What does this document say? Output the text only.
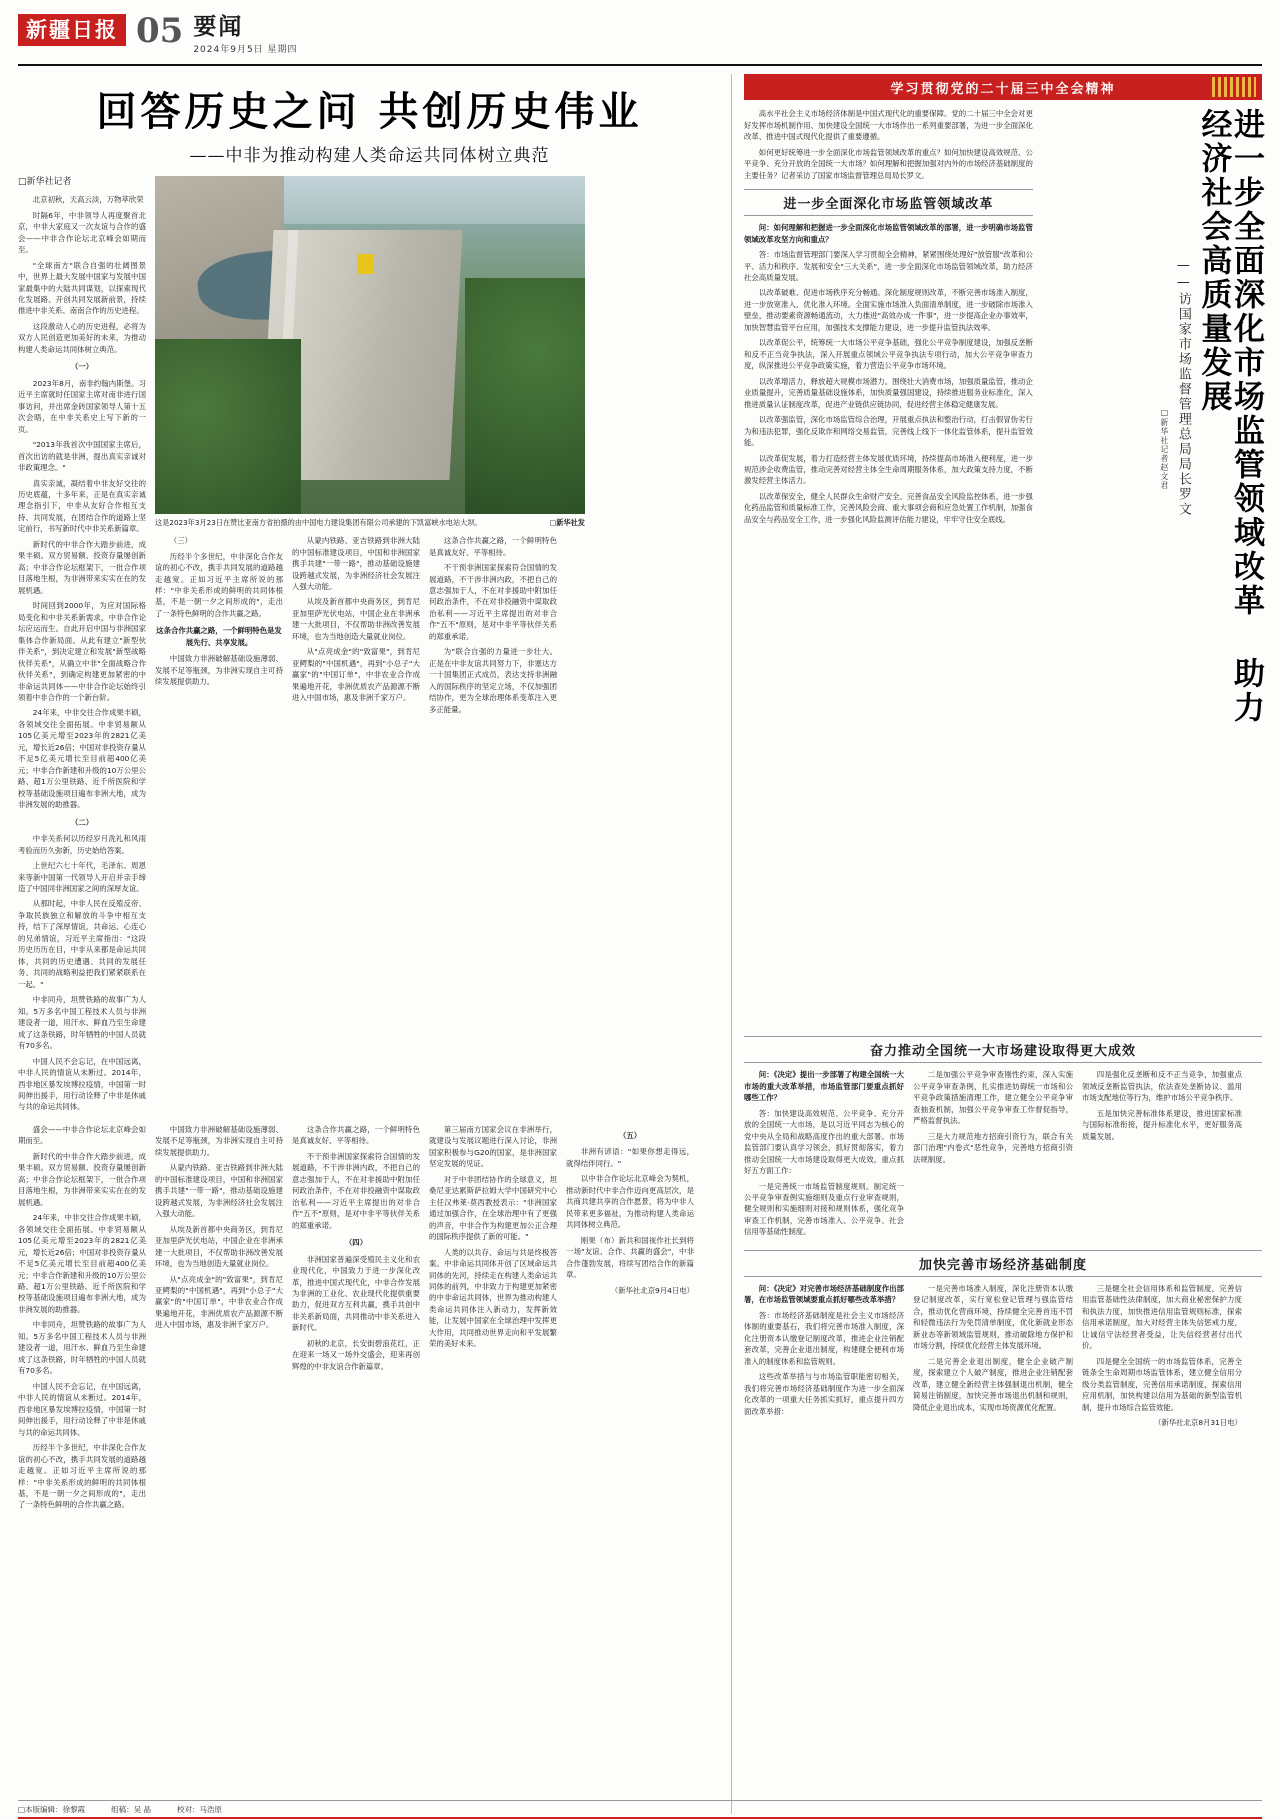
新疆日报 05 要闻
2024年9月5日 星期四
回答历史之问 共创历史伟业
——中非为推动构建人类命运共同体树立典范

□新华社记者

北京初秋，天高云淡，万物萃欣荣

时隔6年，中非领导人再度聚首北京，中非大家庭又一次友谊与合作的盛会——中非合作论坛北京峰会如期而至。

"全球南方"联合自强的壮阔图景中，世界上最大发展中国家与发展中国家最集中的大陆共同谋划，以探索现代化发展路、开创共同发展新前景，持续推进中非关系、南南合作的历史进程。

这段激动人心的历史进程，必将为双方人民创造更加美好的未来，为推动构建人类命运共同体树立典范。

（一）

2023年8月，南非约翰内斯堡。习近平主席就时任国家主席对南非进行国事访问，并出席金砖国家领导人第十五次会晤，在中非关系史上写下新的一页。

"2013年我首次中国国家主席后，首次出访的就是非洲，提出真实亲诚对非政策理念。"

真实亲诚，凝结着中非友好交往的历史底蕴，十多年来，正是在真实亲诚理念指引下，中非从友好合作相互支持、共同发展，在团结合作的道路上坚定前行，书写新时代中非关系新篇章。

新时代的中非合作大踏步前进，成果丰硕。双方贸易额、投资存量屡创新高；中非合作论坛框架下，一批合作项目落地生根，为非洲带来实实在在的发展机遇。

时间回到2000年，为应对国际格局变化和中非关系新需求，中非合作论坛应运而生。自此开启中国与非洲国家集体合作新局面。从此有建立"新型伙伴关系"，到决定建立和发展"新型战略伙伴关系"，从确立中非"全面战略合作伙伴关系"，到确定构建更加紧密的中非命运共同体——中非合作论坛始终引领着中非合作的一个新台阶。

24年来，中非交往合作成果丰硕，各领域交往全面拓展。中非贸易额从105亿美元增至2023年的2821亿美元，增长近26倍；中国对非投资存量从不足5亿美元增长至目前超400亿美元；中非合作新建和升级的10万公里公路、超1万公里铁路、近千所医院和学校等基础设施项目遍布非洲大地，成为非洲发展的助推器。

（二）

中非关系何以历经岁月洗礼和风雨考验而历久弥新，历史始给答案。

上世纪六七十年代，毛泽东、周恩来等新中国第一代领导人开启并亲手缔造了中国同非洲国家之间的深厚友谊。

从那时起，中非人民在反殖反帝、争取民族独立和解放的斗争中相互支持，结下了深厚情谊，共命运、心连心的兄弟情谊，习近平主席指出："这段历史历历在目，中非从来都是命运共同体，共同的历史遭遇、共同的发展任务、共同的战略利益把我们紧紧联系在一起。"

中非同舟，坦赞铁路的故事广为人知。5万多名中国工程技术人员与非洲建设者一道，用汗水、鲜血乃至生命建成了这条铁路，时年牺牲的中国人员就有70多名。

中国人民不会忘记，在中国远离，中非人民的情谊从未断过。2014年，西非地区暴发埃博拉疫情，中国第一时间伸出援手，用行动诠释了中非是休戚与共的命运共同体。

□新华社发
这是2023年3月23日在赞比亚南方省拍摄的由中国电力建设集团有限公司承建的下凯富峡水电站大坝。

（三）

历经半个多世纪，中非深化合作友谊的初心不改，携手共同发展的道路越走越宽。正如习近平主席所说的那样："中非关系形成的鲜明的共同体根基，不是一朝一夕之间形成的"，走出了一条特色鲜明的合作共赢之路。

这条合作共赢之路，一个鲜明特色是发展先行、共享发展。

中国致力非洲破解基础设施薄弱、发展不足等瓶颈，为非洲实现自主可持续发展提供助力。

从蒙内铁路、亚吉铁路到非洲大陆的中国标准建设项目，中国和非洲国家携手共建"一带一路"，推动基础设施建设跨越式发展，为非洲经济社会发展注入强大动能。

从埃及新首都中央商务区，到肯尼亚加里萨光伏电站，中国企业在非洲承建一大批项目，不仅帮助非洲改善发展环境，也为当地创造大量就业岗位。

从"点亮成金"的"致富果"，到肯尼亚鳄梨的"中国机遇"，再到"小总子"大赢家"的"中国订单"，中非农业合作成果遍地开花，非洲优质农产品源源不断进入中国市场，惠及非洲千家万户。

这条合作共赢之路，一个鲜明特色是真诚友好、平等相待。

不干预非洲国家探索符合国情的发展道路，不干涉非洲内政，不把自己的意志强加于人，不在对非援助中附加任何政治条件，不在对非投融资中谋取政治私利——习近平主席提出的对非合作"五不"原则，是对中非平等伙伴关系的郑重承诺。

为"联合自强的力量进一步壮大。正是在中非友谊共同努力下，非塞达方一十国集团正式成员，表达支持非洲融入的国际秩序的坚定立场，不仅加强团结协作，更为全球治理体系变革注入更多正能量。

盛会——中非合作论坛北京峰会如期而至。

新时代的中非合作大踏步前进，成果丰硕。双方贸易额、投资存量屡创新高；中非合作论坛框架下，一批合作项目落地生根，为非洲带来实实在在的发展机遇。

24年来，中非交往合作成果丰硕，各领域交往全面拓展。中非贸易额从105亿美元增至2023年的2821亿美元，增长近26倍；中国对非投资存量从不足5亿美元增长至目前超400亿美元；中非合作新建和升级的10万公里公路、超1万公里铁路、近千所医院和学校等基础设施项目遍布非洲大地，成为非洲发展的助推器。

中非同舟，坦赞铁路的故事广为人知。5万多名中国工程技术人员与非洲建设者一道，用汗水、鲜血乃至生命建成了这条铁路，时年牺牲的中国人员就有70多名。

中国人民不会忘记，在中国远离，中非人民的情谊从未断过。2014年，西非地区暴发埃博拉疫情，中国第一时间伸出援手，用行动诠释了中非是休戚与共的命运共同体。

历经半个多世纪，中非深化合作友谊的初心不改，携手共同发展的道路越走越宽。正如习近平主席所说的那样："中非关系形成的鲜明的共同体根基，不是一朝一夕之间形成的"，走出了一条特色鲜明的合作共赢之路。

中国致力非洲破解基础设施薄弱、发展不足等瓶颈，为非洲实现自主可持续发展提供助力。

从蒙内铁路、亚吉铁路到非洲大陆的中国标准建设项目，中国和非洲国家携手共建"一带一路"，推动基础设施建设跨越式发展，为非洲经济社会发展注入强大动能。

从埃及新首都中央商务区，到肯尼亚加里萨光伏电站，中国企业在非洲承建一大批项目，不仅帮助非洲改善发展环境，也为当地创造大量就业岗位。

从"点亮成金"的"致富果"，到肯尼亚鳄梨的"中国机遇"，再到"小总子"大赢家"的"中国订单"，中非农业合作成果遍地开花，非洲优质农产品源源不断进入中国市场，惠及非洲千家万户。

这条合作共赢之路，一个鲜明特色是真诚友好、平等相待。

不干预非洲国家探索符合国情的发展道路，不干涉非洲内政，不把自己的意志强加于人，不在对非援助中附加任何政治条件，不在对非投融资中谋取政治私利——习近平主席提出的对非合作"五不"原则，是对中非平等伙伴关系的郑重承诺。

（四）

非洲国家普遍深受殖民主义化和农业现代化，中国致力于进一步深化改革，推进中国式现代化，中非合作发展为非洲的工业化、农业现代化提供重要助力，促进双方互利共赢，携手共创中非关系新局面，共同推动中非关系进入新时代。

初秋的北京，长安街碧浪花红，正在迎来一场又一场外交盛会，迎来再创辉煌的中非友谊合作新篇章。

第三届南方国家会议在非洲举行，就建设与发展议题进行深入讨论，非洲国家积极参与G20的国家，是非洲国家坚定发展的见证。

对于中非团结协作的全球意义，坦桑尼亚达累斯萨拉姆大学中国研究中心主任汉弗莱·莫西教授表示："非洲国家通过加强合作，在全球治理中有了更强的声音，中非合作为构建更加公正合理的国际秩序提供了新的可能。"

人类的以共存、命运与共是终极答案。中非命运共同体开创了区域命运共同体的先河，持续走在构建人类命运共同体的前列，中非致力于构建更加紧密的中非命运共同体，世界为推动构建人类命运共同体注入新动力，发挥新效能，让发展中国家在全球治理中发挥更大作用，共同推动世界走向和平发展繁荣的美好未来。

（五）

非洲有谚语："如果你想走得远，就得结伴同行。"

以中非合作论坛北京峰会为契机，推动新时代中非合作迈向更高层次，是共商共建共享的合作愿景，将为中非人民带来更多福祉，为推动构建人类命运共同体树立典范。

刚果（布）新共和国视作社长到将一场"友谊、合作、共赢的盛会"，中非合作蓬勃发展，将续写团结合作的新篇章。

（新华社北京9月4日电）

学习贯彻党的二十届三中全会精神

高水平社会主义市场经济体制是中国式现代化的重要保障。党的二十届三中全会对更好发挥市场机制作用、加快建设全国统一大市场作出一系列重要部署，为进一步全面深化改革、推进中国式现代化提供了重要遵循。

如何更好统筹进一步全面深化市场监管领域改革的重点？如何加快建设高效规范、公平竞争、充分开放的全国统一大市场？如何理解和把握加强对内外的市场经济基础制度的主要任务？记者采访了国家市场监督管理总局局长罗文。

进一步全面深化市场监管领域改革

问：如何理解和把握进一步全面深化市场监管领域改革的部署，进一步明确市场监管领域改革攻坚方向和重点？

答：市场监督管理部门要深入学习贯彻全会精神，紧紧围绕处理好"放管服"改革和公平、活力和秩序、发展和安全"三大关系"，进一步全面深化市场监管领域改革，助力经济社会高质量发展。

以改革破难、促进市场秩序充分畅通。深化制度规则改革，不断完善市场准入制度，进一步放宽准入、优化准入环境。全面实施市场准入负面清单制度，进一步破除市场准入壁垒，推动要素资源畅通流动，大力推进"高效办成一件事"，进一步提高企业办事效率，加快智慧监管平台应用，加强技术支撑能力建设，进一步提升监管执法效率。

以改革促公平，统筹统一大市场公平竞争基础，强化公平竞争制度建设，加强反垄断和反不正当竞争执法，深入开展重点领域公平竞争执法专项行动，加大公平竞争审查力度，纵深推进公平竞争政策实施，着力营造公平竞争市场环境。

以改革增活力，释放超大规模市场潜力。围绕壮大消费市场，加强质量监管，推动企业质量提升，完善质量基础设施体系，加快质量强国建设，持续推进服务业标准化，深入推进质量认证制度改革，促进产业链供应链协同，促进经营主体稳定健康发展。

以改革强监管，深化市场监管综合治理，开展重点执法和整治行动，打击假冒伪劣行为和违法犯罪，强化反欺诈和网络交易监管，完善线上线下一体化监管体系，提升监管效能。

以改革促发展，着力打造经营主体发展优质环境，持续提高市场准入便利度，进一步规范涉企收费监管，推动完善对经营主体全生命周期服务体系，加大政策支持力度，不断激发经营主体活力。

以改革保安全，健全人民群众生命财产安全、完善食品安全风险监控体系，进一步强化药品监管和质量标准工作，完善风险会商、重大事项会商和应急处置工作机制，加强食品安全与药品安全工作，进一步强化风险监测评估能力建设，牢牢守住安全底线。	进一步全面深化市场监管领域改革 助力经济社会高质量发展
——访国家市场监督管理总局局长罗文
□新华社记者赵文君
奋力推动全国统一大市场建设取得更大成效

问：《决定》提出一步部署了构建全国统一大市场的重大改革举措，市场监管部门要重点抓好哪些工作？

答：加快建设高效规范、公平竞争、充分开放的全国统一大市场，是以习近平同志为核心的党中央从全局和战略高度作出的重大部署。市场监管部门要认真学习领会，抓好贯彻落实，着力推动全国统一大市场建设取得更大成效，重点抓好五方面工作：

一是完善统一市场监管制度规则。制定统一公平竞争审查例实施细则及重点行业审查规则，健全规则和实施细则对接和规则体系，强化竞争审查工作机制，完善市场准入、公平竞争、社会信用等基础性制度。

二是加强公平竞争审查刚性约束，深入实施公平竞争审查条例，扎实推进妨碍统一市场和公平竞争政策措施清理工作，建立健全公平竞争审查抽查机制，加强公平竞争审查工作督促指导，严格监督执法。

三是大力规范地方招商引资行为，联合有关部门治理"内卷式"恶性竞争，完善地方招商引资法规制度。

四是强化反垄断和反不正当竞争，加强重点领域反垄断监管执法，依法查处垄断协议、滥用市场支配地位等行为，维护市场公平竞争秩序。

五是加快完善标准体系建设，推进国家标准与国际标准衔接，提升标准化水平，更好服务高质量发展。

加快完善市场经济基础制度

问：《决定》对完善市场经济基础制度作出部署，在市场监管领域要重点抓好哪些改革举措？

答：市场经济基础制度是社会主义市场经济体制的重要基石，我们将完善市场准入制度，深化注册资本认缴登记制度改革，推进企业注销配套改革，完善企业退出制度，构建健全便利市场准入的制度体系和监管规则。

这些改革举措与与市场监管职能密切相关，我们将完善市场经济基础制度作为进一步全面深化改革的一项重大任务抓实抓好，重点提升四方面改革举措：

一是完善市场准入制度，深化注册资本认缴登记制度改革，实行宽松登记管理与强监管结合，推动优化营商环境，持续健全完善首违不罚和轻微违法行为免罚清单制度，优化新就业形态新业态等新领域监管规则，推动破除地方保护和市场分割，持续优化经营主体发展环境。

二是完善企业退出制度，健全企业破产制度，探索建立个人破产制度，推进企业注销配套改革，建立健全新经营主体强制退出机制，健全简易注销制度，加快完善市场退出机制和规则，降低企业退出成本，实现市场资源优化配置。

三是健全社会信用体系和监管制度，完善信用监管基础性法律制度，加大商业秘密保护力度和执法力度，加快推进信用监管规则标准，探索信用承诺制度，加大对经营主体失信惩戒力度，让诚信守法经营者受益，让失信经营者付出代价。

四是健全全国统一的市场监管体系，完善全链条全生命周期市场监管体系，建立健全信用分级分类监管制度，完善信用承诺制度，探索信用应用机制，加快构建以信用为基础的新型监管机制，提升市场综合监管效能。

（新华社北京8月31日电）

□本版编辑：徐黎霞	组稿：吴 晶	校对：马浩原
